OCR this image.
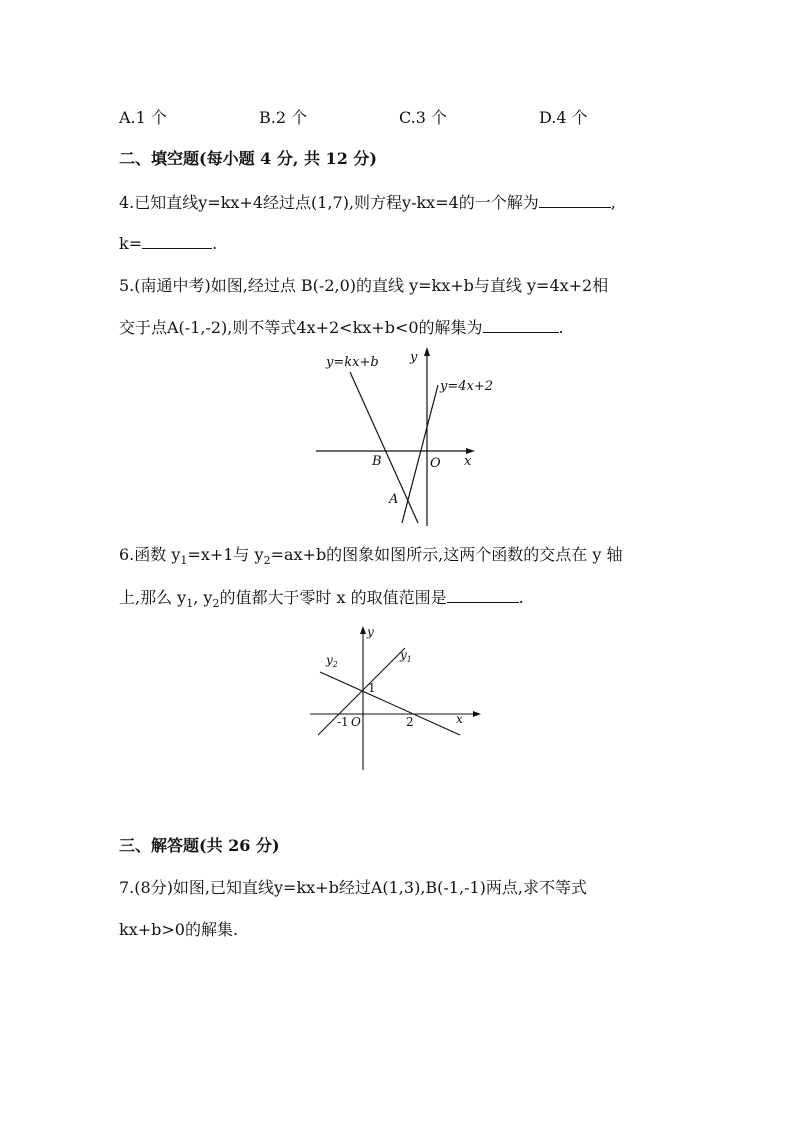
A.1 个	B.2 个	C.3 个	D.4 个
二、填空题(每小题 4 分, 共 12 分)
4.已知直线y=kx+4经过点(1,7),则方程y-kx=4的一个解为	,
k=	.
5.(南通中考)如图,经过点 B(-2,0)的直线 y=kx+b与直线 y=4x+2相
交于点A(-1,-2),则不等式4x+2<kx+b<0的解集为	.
y=kx+b y
y=4x+2
B	O x
A
6.函数 $y_1=x+1$与 $y_2=ax+b$的图象如图所示,这两个函数的交点在 y 轴
上,那么 $y_1$, $y_2$的值都大于零时 x 的取值范围是	.
y
$y_2$
$y_1$
1
-1 O	2	x
三、解答题(共 26 分)
7.(8分)如图,已知直线y=kx+b经过A(1,3),B(-1,-1)两点,求不等式
kx+b>0的解集.
